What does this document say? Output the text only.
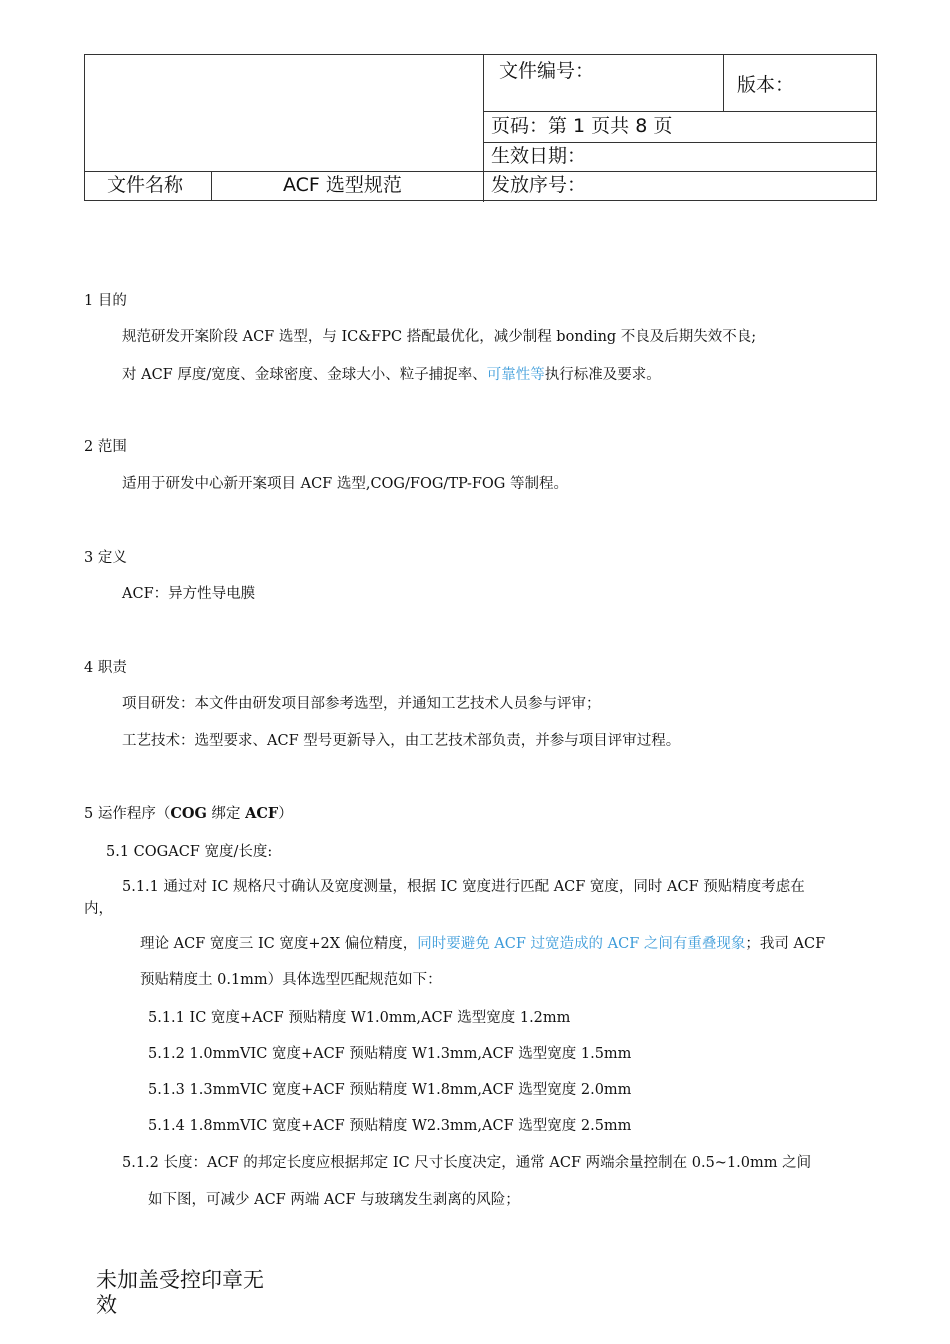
文件编号：
版本：
页码：第 1 页共 8 页
生效日期：
文件名称	ACF 选型规范	发放序号：
1 目的
规范研发开案阶段 ACF 选型，与 IC&FPC 搭配最优化，减少制程 bonding 不良及后期失效不良;
对 ACF 厚度/宽度、金球密度、金球大小、粒子捕捉率、可靠性等执行标准及要求。
2 范围
适用于研发中心新开案项目 ACF 选型,COG/FOG/TP-FOG 等制程。
3 定义
ACF：异方性导电膜
4 职责
项目研发：本文件由研发项目部参考选型，并通知工艺技术人员参与评审；
工艺技术：选型要求、ACF 型号更新导入，由工艺技术部负责，并参与项目评审过程。
5 运作程序（COG 绑定 ACF）
5.1 COGACF 宽度/长度:
5.1.1 通过对 IC 规格尺寸确认及宽度测量，根据 IC 宽度进行匹配 ACF 宽度，同时 ACF 预贴精度考虑在
内，
理论 ACF 宽度三 IC 宽度+2X 偏位精度，同时要避免 ACF 过宽造成的 ACF 之间有重叠现象；我司 ACF
预贴精度土 0.1mm）具体选型匹配规范如下：
5.1.1 IC 宽度+ACF 预贴精度 W1.0mm,ACF 选型宽度 1.2mm
5.1.2 1.0mmVIC 宽度+ACF 预贴精度 W1.3mm,ACF 选型宽度 1.5mm
5.1.3 1.3mmVIC 宽度+ACF 预贴精度 W1.8mm,ACF 选型宽度 2.0mm
5.1.4 1.8mmVIC 宽度+ACF 预贴精度 W2.3mm,ACF 选型宽度 2.5mm
5.1.2 长度：ACF 的邦定长度应根据邦定 IC 尺寸长度决定，通常 ACF 两端余量控制在 0.5~1.0mm 之间
如下图，可减少 ACF 两端 ACF 与玻璃发生剥离的风险；
未加盖受控印章无效
